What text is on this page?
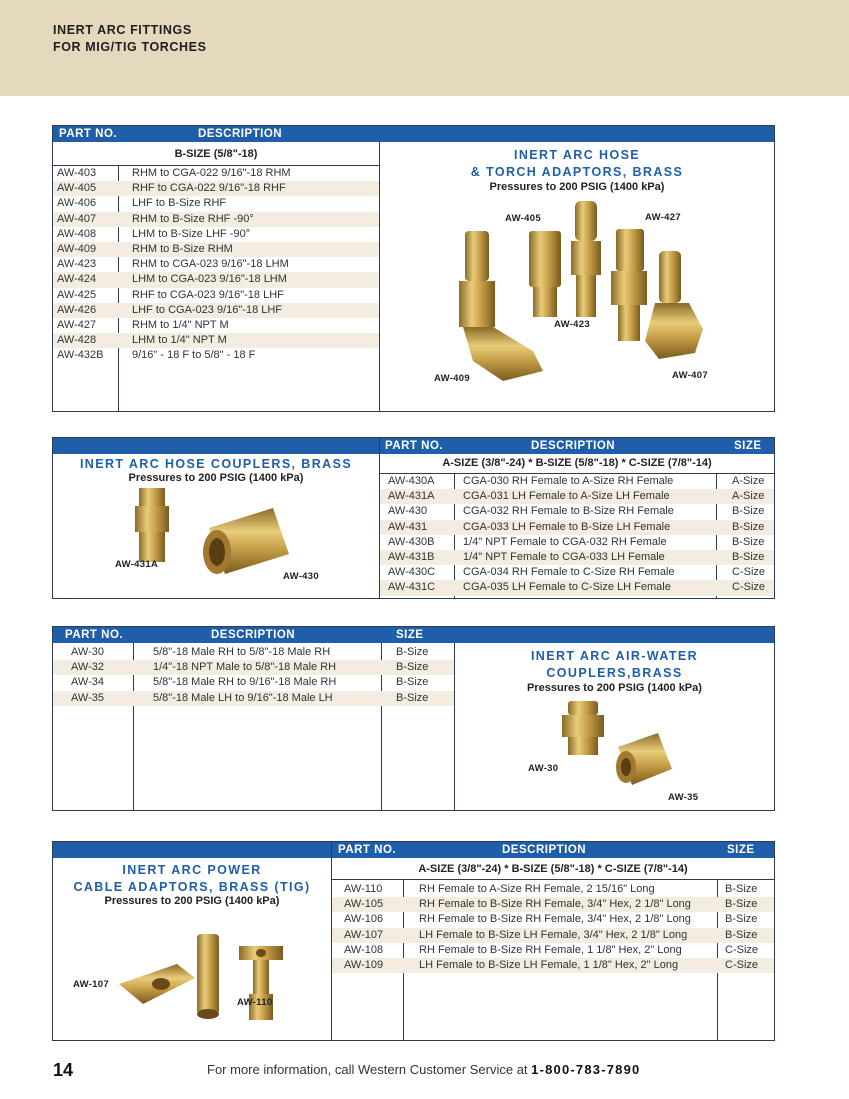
INERT ARC FITTINGS
FOR MIG/TIG TORCHES
PART NO.	DESCRIPTION
B-SIZE (5/8"-18)
AW-403	RHM to CGA-022 9/16"-18 RHM
AW-405	RHF to CGA-022 9/16"-18 RHF
AW-406	LHF to B-Size RHF
AW-407	RHM to B-Size RHF -90°
AW-408	LHM to B-Size LHF -90°
AW-409	RHM to B-Size RHM
AW-423	RHM to CGA-023 9/16"-18 LHM
AW-424	LHM to CGA-023 9/16"-18 LHM
AW-425	RHF to CGA-023 9/16"-18 LHF
AW-426	LHF to CGA-023 9/16"-18 LHF
AW-427	RHM to 1/4" NPT M
AW-428	LHM to 1/4" NPT M
AW-432B	9/16" - 18 F to 5/8" - 18 F
INERT ARC HOSE
& TORCH ADAPTORS, BRASS
Pressures to 200 PSIG (1400 kPa)
AW-405	AW-427
AW-423
AW-409	AW-407
PART NO.	DESCRIPTION	SIZE
INERT ARC HOSE COUPLERS, BRASS
Pressures to 200 PSIG (1400 kPa)
A-SIZE (3/8"-24) * B-SIZE (5/8"-18) * C-SIZE (7/8"-14)
AW-430A	CGA-030 RH Female to A-Size RH Female	A-Size
AW-431A	CGA-031 LH Female to A-Size LH Female	A-Size
AW-430	CGA-032 RH Female to B-Size RH Female	B-Size
AW-431	CGA-033 LH Female to B-Size LH Female	B-Size
AW-430B	1/4" NPT Female to CGA-032 RH Female	B-Size
AW-431B	1/4" NPT Female to CGA-033 LH Female	B-Size
AW-430C	CGA-034 RH Female to C-Size RH Female	C-Size
AW-431C	CGA-035 LH Female to C-Size LH Female	C-Size
AW-431A
AW-430
PART NO.	DESCRIPTION	SIZE
AW-30	5/8"-18 Male RH to 5/8"-18 Male RH	B-Size
AW-32	1/4"-18 NPT Male to 5/8"-18 Male RH	B-Size
AW-34	5/8"-18 Male RH to 9/16"-18 Male RH	B-Size
AW-35	5/8"-18 Male LH to 9/16"-18 Male LH	B-Size
INERT ARC AIR-WATER
COUPLERS,BRASS
Pressures to 200 PSIG (1400 kPa)
AW-30
AW-35
PART NO.	DESCRIPTION	SIZE
INERT ARC POWER
CABLE ADAPTORS, BRASS (TIG)
Pressures to 200 PSIG (1400 kPa)
A-SIZE (3/8"-24) * B-SIZE (5/8"-18) * C-SIZE (7/8"-14)
AW-110	RH Female to A-Size RH Female, 2 15/16" Long	B-Size
AW-105	RH Female to B-Size RH Female, 3/4" Hex, 2 1/8" Long	B-Size
AW-106	RH Female to B-Size RH Female, 3/4" Hex, 2 1/8" Long	B-Size
AW-107	LH Female to B-Size LH Female, 3/4" Hex, 2 1/8" Long	B-Size
AW-108	RH Female to B-Size RH Female, 1 1/8" Hex, 2" Long	C-Size
AW-109	LH Female to B-Size LH Female, 1 1/8" Hex, 2" Long	C-Size
AW-107
AW-110
14	For more information, call Western Customer Service at 1-800-783-7890
